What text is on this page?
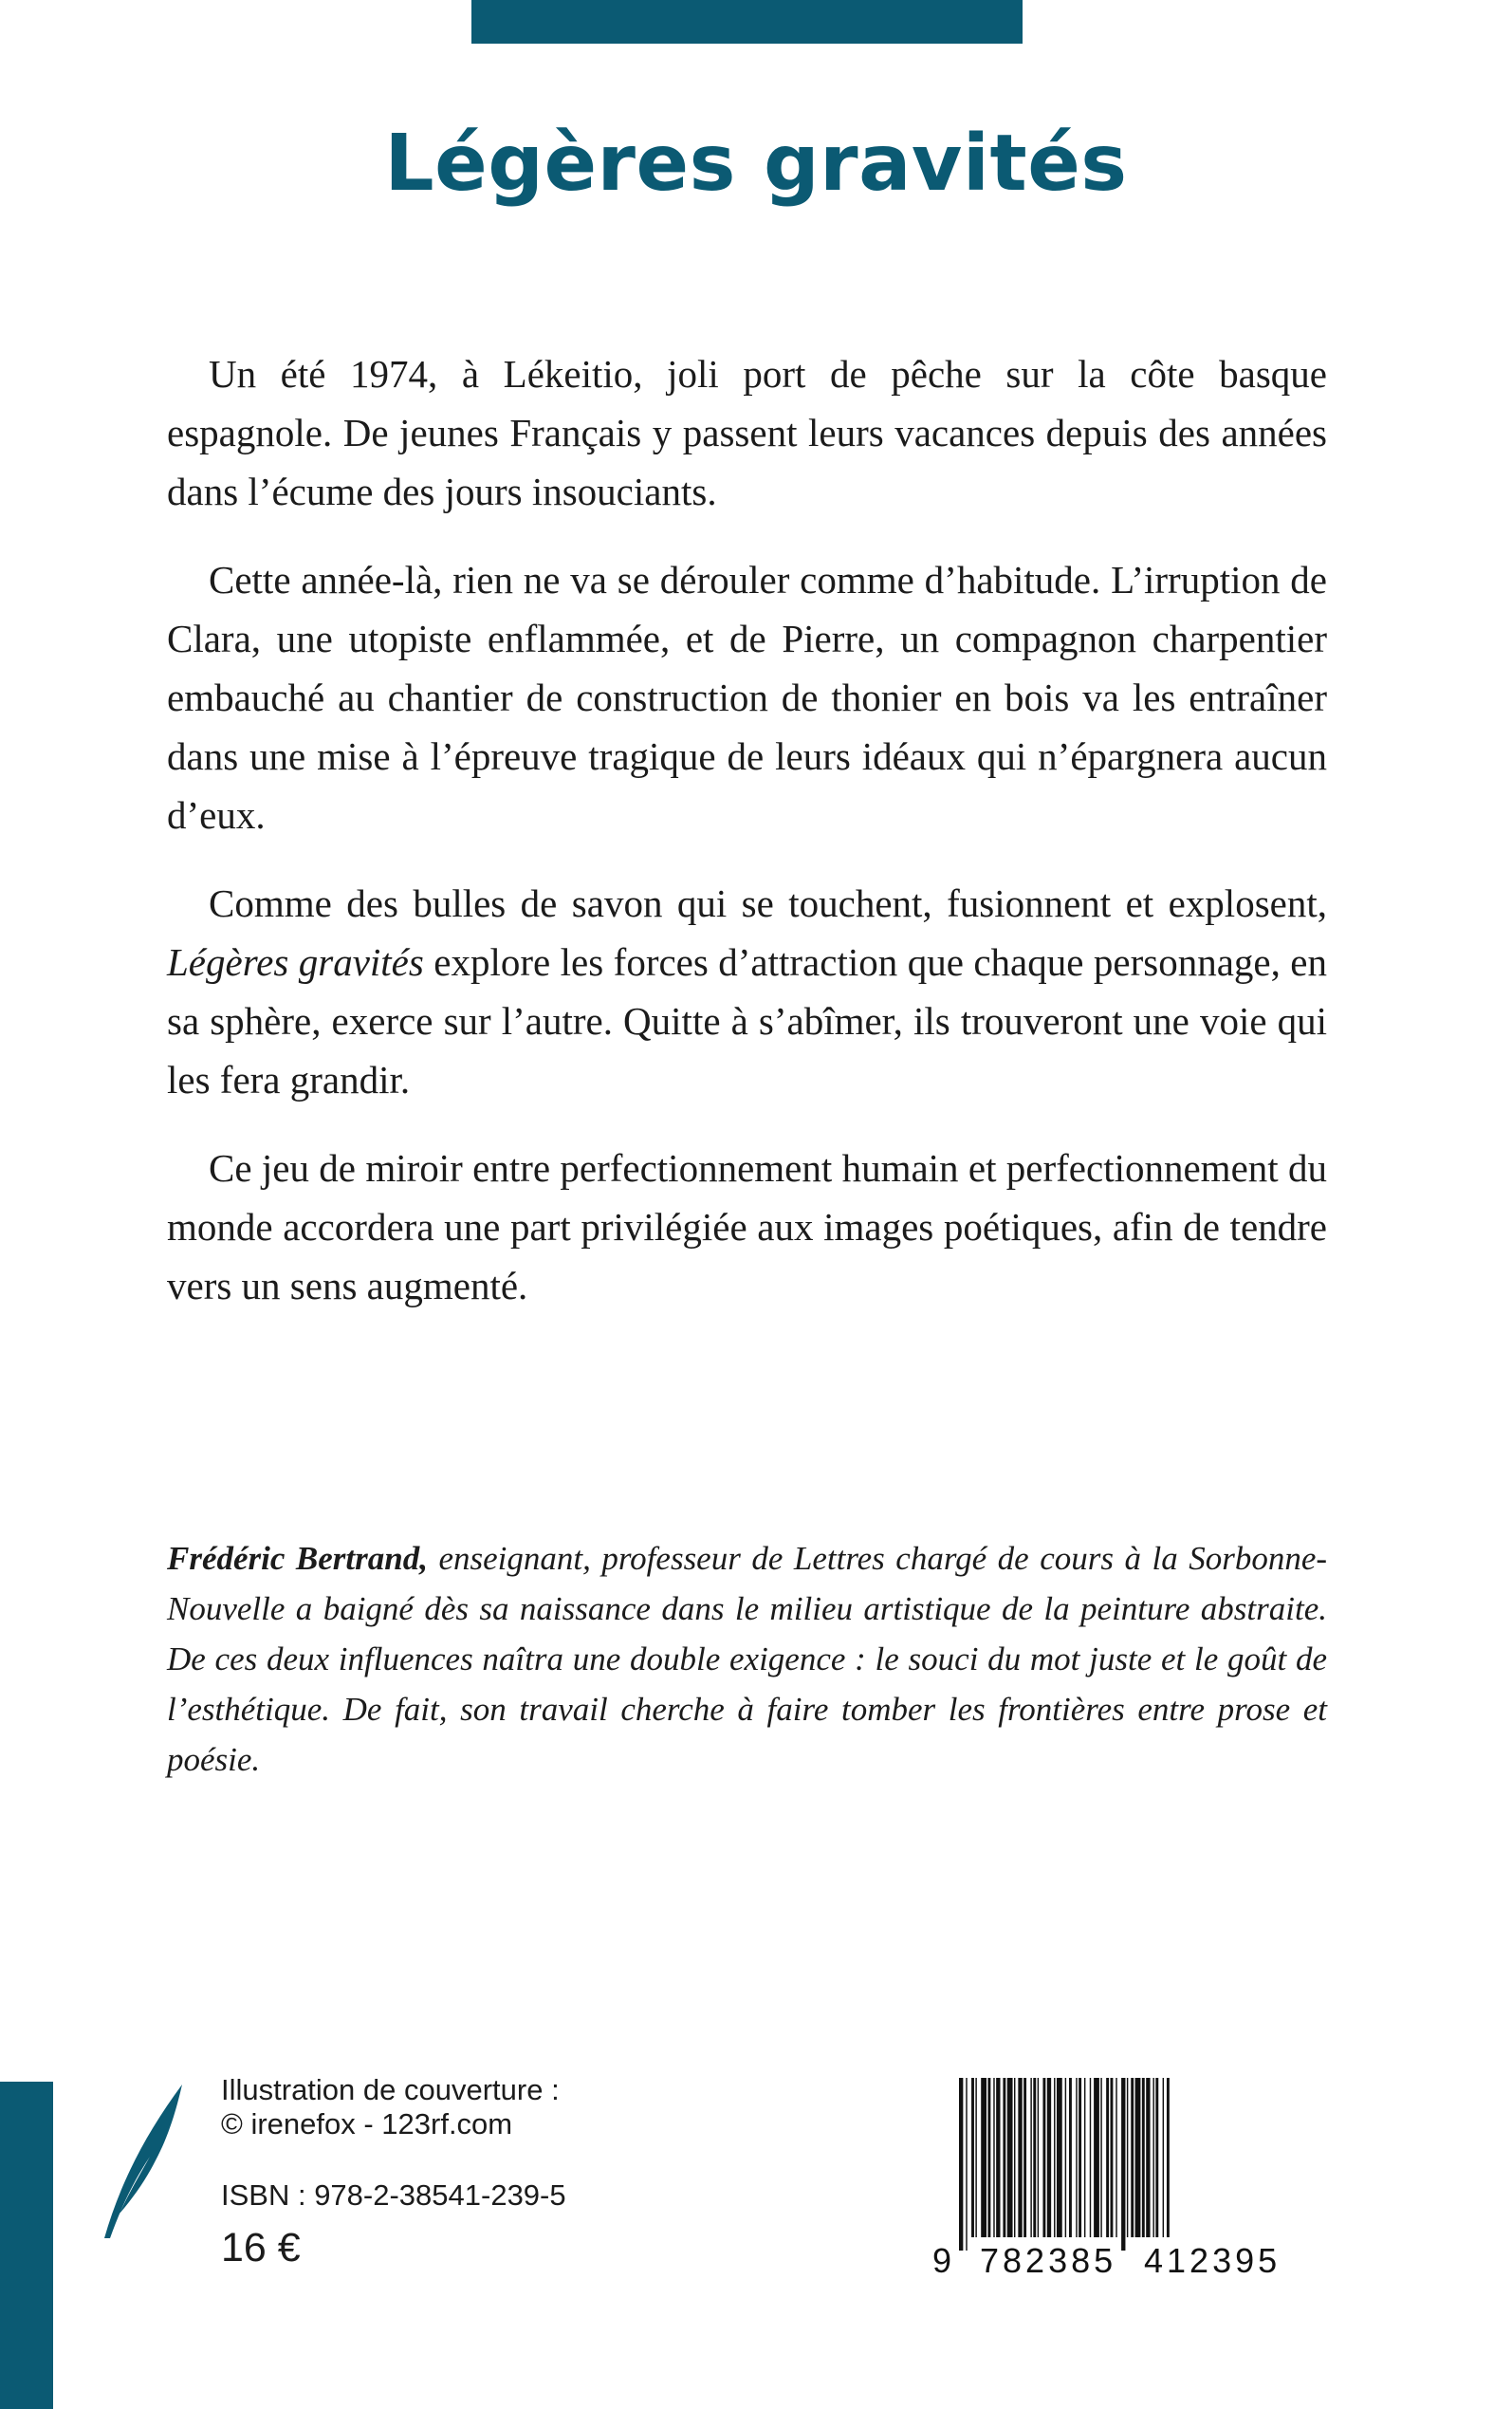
Légères gravités

Un été 1974, à Lékeitio, joli port de pêche sur la côte basque espagnole. De jeunes Français y passent leurs vacances depuis des années dans l’écume des jours insouciants.

Cette année-là, rien ne va se dérouler comme d’habitude. L’irruption de Clara, une utopiste enflammée, et de Pierre, un compagnon charpentier embauché au chantier de construction de thonier en bois va les entraîner dans une mise à l’épreuve tragique de leurs idéaux qui n’épargnera aucun d’eux.

Comme des bulles de savon qui se touchent, fusionnent et explosent, Légères gravités explore les forces d’attraction que chaque personnage, en sa sphère, exerce sur l’autre. Quitte à s’abîmer, ils trouveront une voie qui les fera grandir.

Ce jeu de miroir entre perfectionnement humain et perfectionnement du monde accordera une part privilégiée aux images poétiques, afin de tendre vers un sens augmenté.

Frédéric Bertrand, enseignant, professeur de Lettres chargé de cours à la Sorbonne-Nouvelle a baigné dès sa naissance dans le milieu artistique de la peinture abstraite. De ces deux influences naîtra une double exigence : le souci du mot juste et le goût de l’esthétique. De fait, son travail cherche à faire tomber les frontières entre prose et poésie.

Illustration de couverture :
© irenefox - 123rf.com
ISBN : 978-2-38541-239-5
16 €	9 782385 412395
